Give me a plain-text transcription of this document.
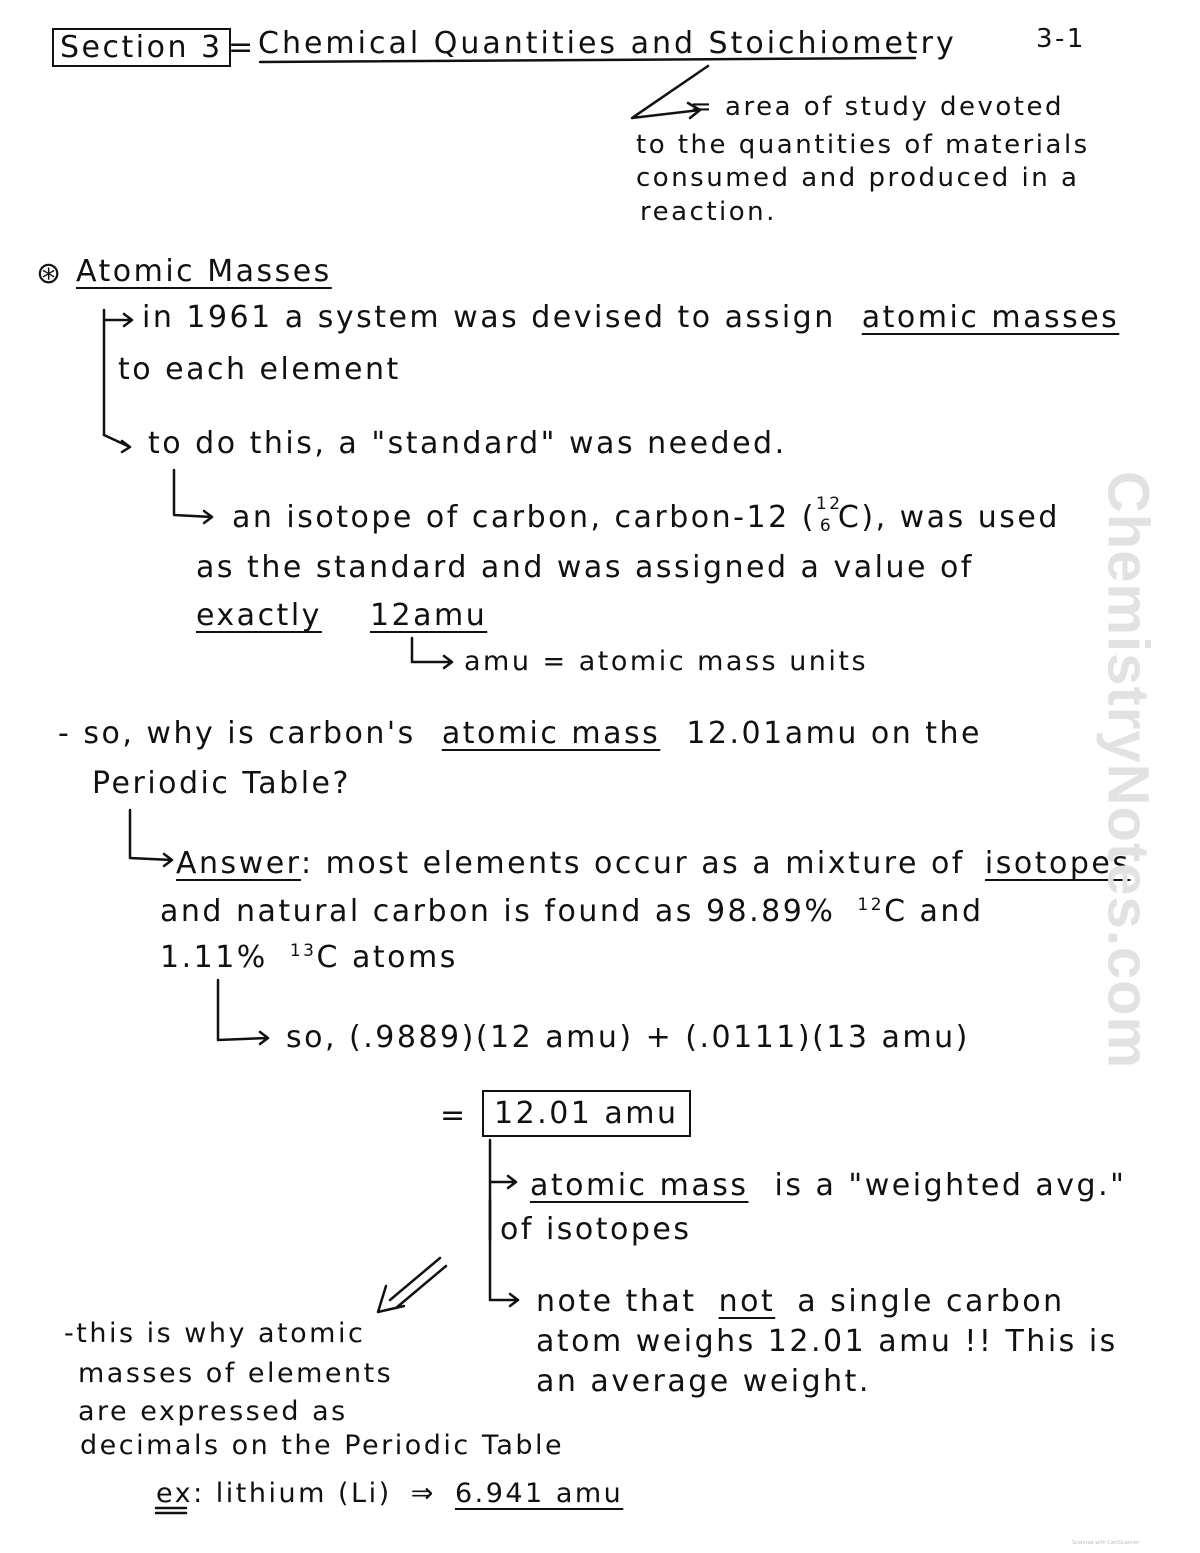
Section 3 = Chemical Quantities and Stoichiometry	3-1
= area of study devoted
to the quantities of materials
consumed and produced in a
reaction.
⊛ Atomic Masses
in 1961 a system was devised to assign atomic masses
to each element
to do this, a "standard" was needed.
an isotope of carbon, carbon-12 ( 12
6 C), was used
as the standard and was assigned a value of
exactly 12amu
amu = atomic mass units
- so, why is carbon's atomic mass 12.01amu on the
Periodic Table?
Answer: most elements occur as a mixture of isotopes
and natural carbon is found as 98.89% $^{12}$C and
1.11% $^{13}$C atoms
so, (.9889)(12 amu) + (.0111)(13 amu)
= 12.01 amu
atomic mass is a "weighted avg."
of isotopes
note that not a single carbon
atom weighs 12.01 amu !! This is
an average weight.
-this is why atomic
masses of elements
are expressed as
decimals on the Periodic Table
ex: lithium (Li) ⇒ 6.941 amu
ChemistryNotes.com
Scanned with CamScanner
